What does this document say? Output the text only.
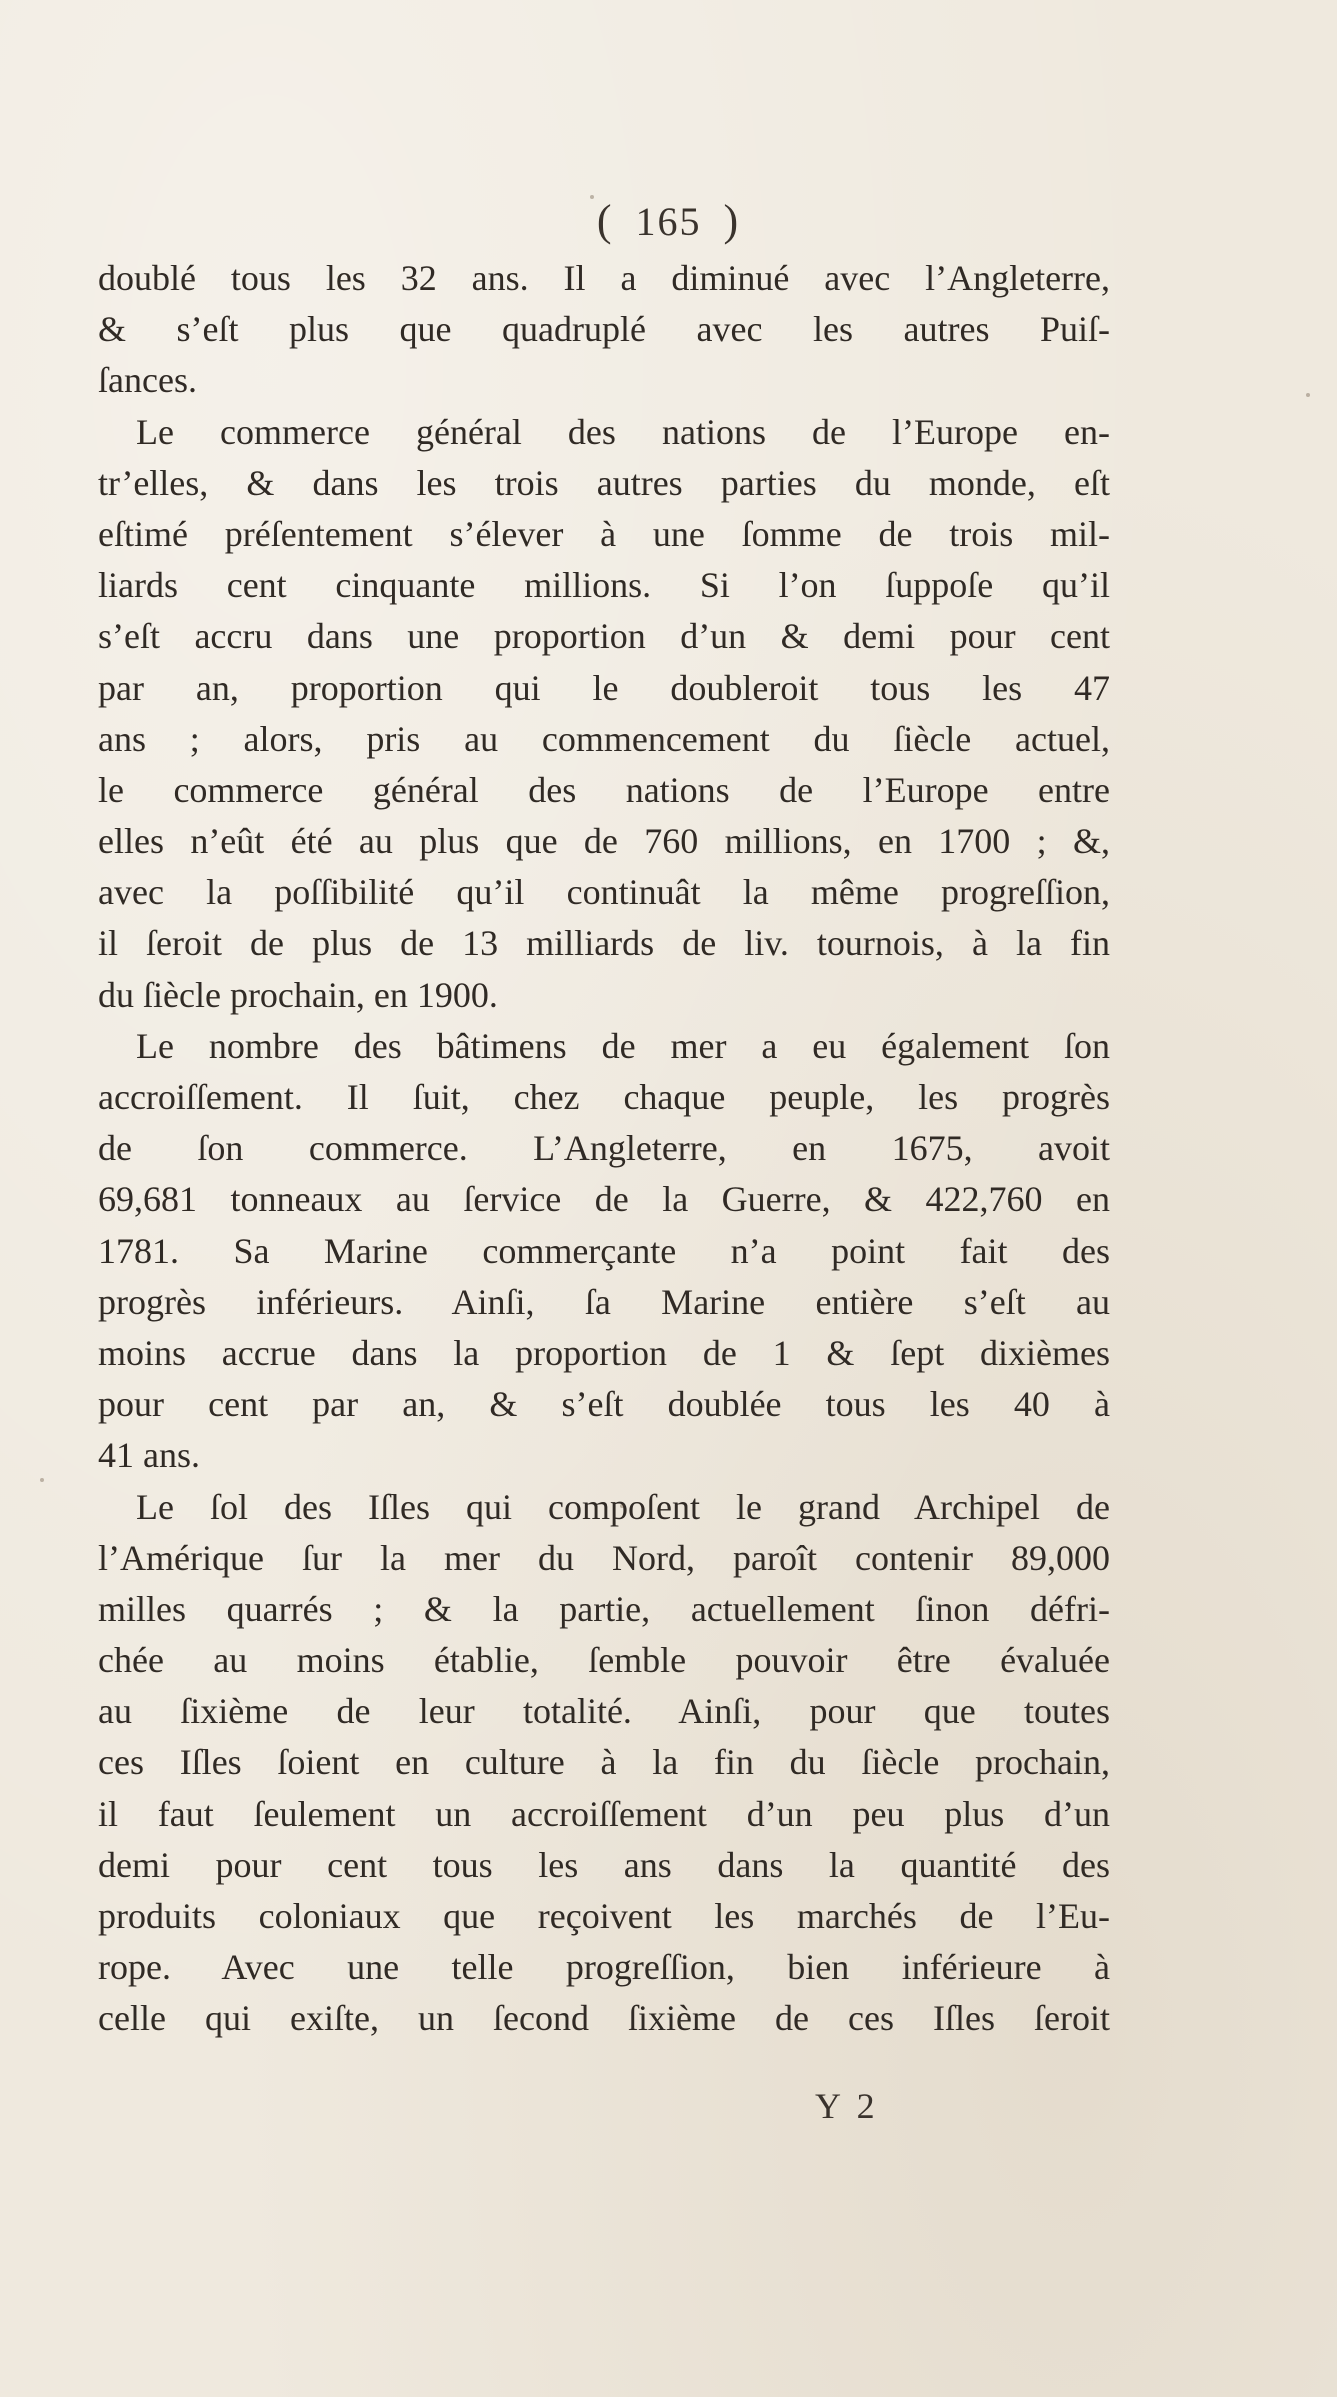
( 165 )
doublé tous les 32 ans. Il a diminué avec l’Angleterre,
& s’eſt plus que quadruplé avec les autres Puiſ-
ſances.
Le commerce général des nations de l’Europe en-
tr’elles, & dans les trois autres parties du monde, eſt
eſtimé préſentement s’élever à une ſomme de trois mil-
liards cent cinquante millions. Si l’on ſuppoſe qu’il
s’eſt accru dans une proportion d’un & demi pour cent
par an, proportion qui le doubleroit tous les 47
ans ; alors, pris au commencement du ſiècle actuel,
le commerce général des nations de l’Europe entre
elles n’eût été au plus que de 760 millions, en 1700 ; &,
avec la poſſibilité qu’il continuât la même progreſſion,
il ſeroit de plus de 13 milliards de liv. tournois, à la fin
du ſiècle prochain, en 1900.
Le nombre des bâtimens de mer a eu également ſon
accroiſſement. Il ſuit, chez chaque peuple, les progrès
de ſon commerce. L’Angleterre, en 1675, avoit
69,681 tonneaux au ſervice de la Guerre, & 422,760 en
1781. Sa Marine commerçante n’a point fait des
progrès inférieurs. Ainſi, ſa Marine entière s’eſt au
moins accrue dans la proportion de 1 & ſept dixièmes
pour cent par an, & s’eſt doublée tous les 40 à
41 ans.
Le ſol des Iſles qui compoſent le grand Archipel de
l’Amérique ſur la mer du Nord, paroît contenir 89,000
milles quarrés ; & la partie, actuellement ſinon défri-
chée au moins établie, ſemble pouvoir être évaluée
au ſixième de leur totalité. Ainſi, pour que toutes
ces Iſles ſoient en culture à la fin du ſiècle prochain,
il faut ſeulement un accroiſſement d’un peu plus d’un
demi pour cent tous les ans dans la quantité des
produits coloniaux que reçoivent les marchés de l’Eu-
rope. Avec une telle progreſſion, bien inférieure à
celle qui exiſte, un ſecond ſixième de ces Iſles ſeroit
Y 2
